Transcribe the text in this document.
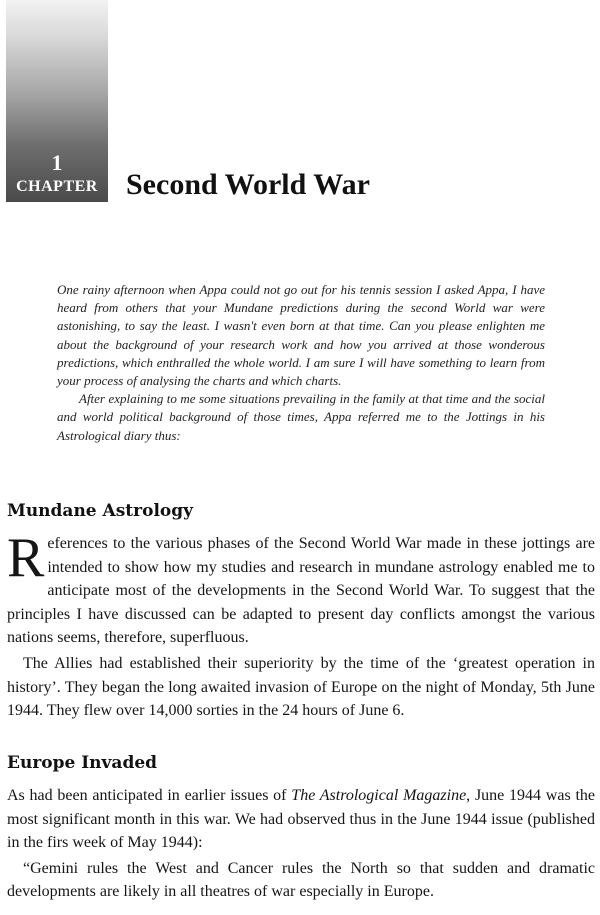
1
CHAPTER Second World War

One rainy afternoon when Appa could not go out for his tennis session I asked Appa, I have heard from others that your Mundane predictions during the second World war were astonishing, to say the least. I wasn't even born at that time. Can you please enlighten me about the background of your research work and how you arrived at those wonderous predictions, which enthralled the whole world. I am sure I will have something to learn from your process of analysing the charts and which charts.

After explaining to me some situations prevailing in the family at that time and the social and world political background of those times, Appa referred me to the Jottings in his Astrological diary thus:

Mundane Astrology

References to the various phases of the Second World War made in these jottings are intended to show how my studies and research in mundane astrology enabled me to anticipate most of the developments in the Second World War. To suggest that the principles I have discussed can be adapted to present day conflicts amongst the various nations seems, therefore, superfluous.

The Allies had established their superiority by the time of the ‘greatest operation in history’. They began the long awaited invasion of Europe on the night of Monday, 5th June 1944. They flew over 14,000 sorties in the 24 hours of June 6.

Europe Invaded

As had been anticipated in earlier issues of The Astrological Magazine, June 1944 was the most significant month in this war. We had observed thus in the June 1944 issue (published in the firs week of May 1944):

“Gemini rules the West and Cancer rules the North so that sudden and dramatic developments are likely in all theatres of war especially in Europe.
